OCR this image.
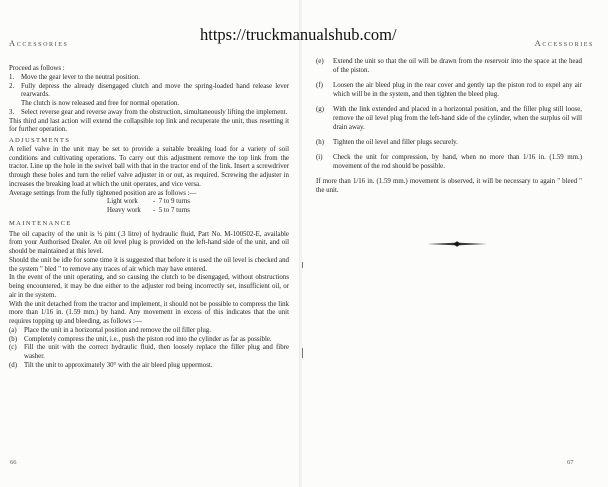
Accessories

Proceed as follows :

1. Move the gear lever to the neutral position.
2. Fully depress the already disengaged clutch and move the spring-loaded hand release lever rearwards.
The clutch is now released and free for normal operation.
3. Select reverse gear and reverse away from the obstruction, simultaneously lifting the implement.

This third and last action will extend the collapsible top link and recuperate the unit, thus resetting it for further operation.

ADJUSTMENTS

A relief valve in the unit may be set to provide a suitable breaking load for a variety of soil conditions and cultivating operations. To carry out this adjustment remove the top link from the tractor. Line up the hole in the swivel ball with that in the tractor end of the link. Insert a screwdriver through these holes and turn the relief valve adjuster in or out, as required. Screwing the adjuster in increases the breaking load at which the unit operates, and vice versa.

Average settings from the fully tightened position are as follows :—

Light work	-  7 to 9 turns
Heavy work	-  5 to 7 turns
MAINTENANCE

The oil capacity of the unit is ½ pint (.3 litre) of hydraulic fluid, Part No. M-100502-E, available from your Authorised Dealer. An oil level plug is provided on the left-hand side of the unit, and oil should be maintained at this level.

Should the unit be idle for some time it is suggested that before it is used the oil level is checked and the system " bled " to remove any traces of air which may have entered.

In the event of the unit operating, and so causing the clutch to be disengaged, without obstructions being encountered, it may be due either to the adjuster rod being incorrectly set, insufficient oil, or air in the system.

With the unit detached from the tractor and implement, it should not be possible to compress the link more than 1/16 in. (1.59 mm.) by hand. Any movement in excess of this indicates that the unit requires topping up and bleeding, as follows :—

(a)	Place the unit in a horizontal position and remove the oil filler plug.
(b)	Completely compress the unit, i.e., push the piston rod into the cylinder as far as possible.
(c)	Fill the unit with the correct hydraulic fluid, then loosely replace the filler plug and fibre washer.
(d)	Tilt the unit to approximately 30° with the air bleed plug uppermost.
66
Accessories
(e)	Extend the unit so that the oil will be drawn from the reservoir into the space at the head of the piston.
(f)	Loosen the air bleed plug in the rear cover and gently tap the piston rod to expel any air which will be in the system, and then tighten the bleed plug.
(g)	With the link extended and placed in a horizontal position, and the filler plug still loose, remove the oil level plug from the left-hand side of the cylinder, when the surplus oil will drain away.
(h)	Tighten the oil level and filler plugs securely.
(i)	Check the unit for compression, by hand, when no more than 1/16 in. (1.59 mm.) movement of the rod should be possible.

If more than 1/16 in. (1.59 mm.) movement is observed, it will be necessary to again " bleed " the unit.

67
https://truckmanualshub.com/
